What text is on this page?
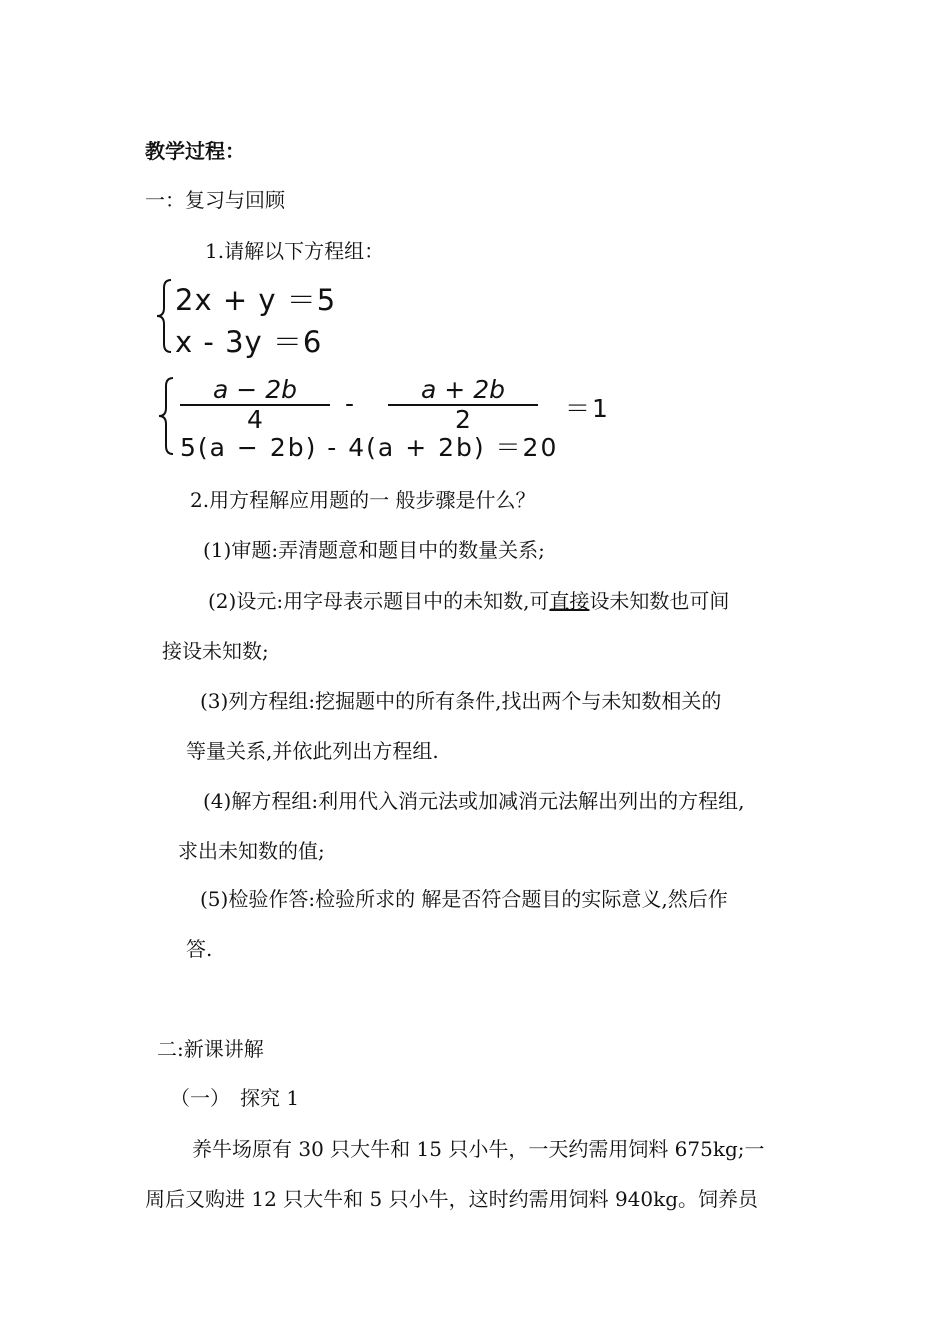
教学过程：
一：复习与回顾
1.请解以下方程组：
2x + y ＝5
x - 3y ＝6
a − 2b
4
-	a + 2b
2	＝1
5(a − 2b) - 4(a + 2b) ＝20
2.用方程解应用题的一 般步骤是什么？
(1)审题:弄清题意和题目中的数量关系;
(2)设元:用字母表示题目中的未知数,可直接设未知数也可间
接设未知数;
(3)列方程组:挖掘题中的所有条件,找出两个与未知数相关的
等量关系,并依此列出方程组.
(4)解方程组:利用代入消元法或加减消元法解出列出的方程组,
求出未知数的值;
(5)检验作答:检验所求的 解是否符合题目的实际意义,然后作
答.
二:新课讲解
（一）　探究 1
养牛场原有 30 只大牛和 15 只小牛，一天约需用饲料 675kg;一
周后又购进 12 只大牛和 5 只小牛，这时约需用饲料 940kg。饲养员
